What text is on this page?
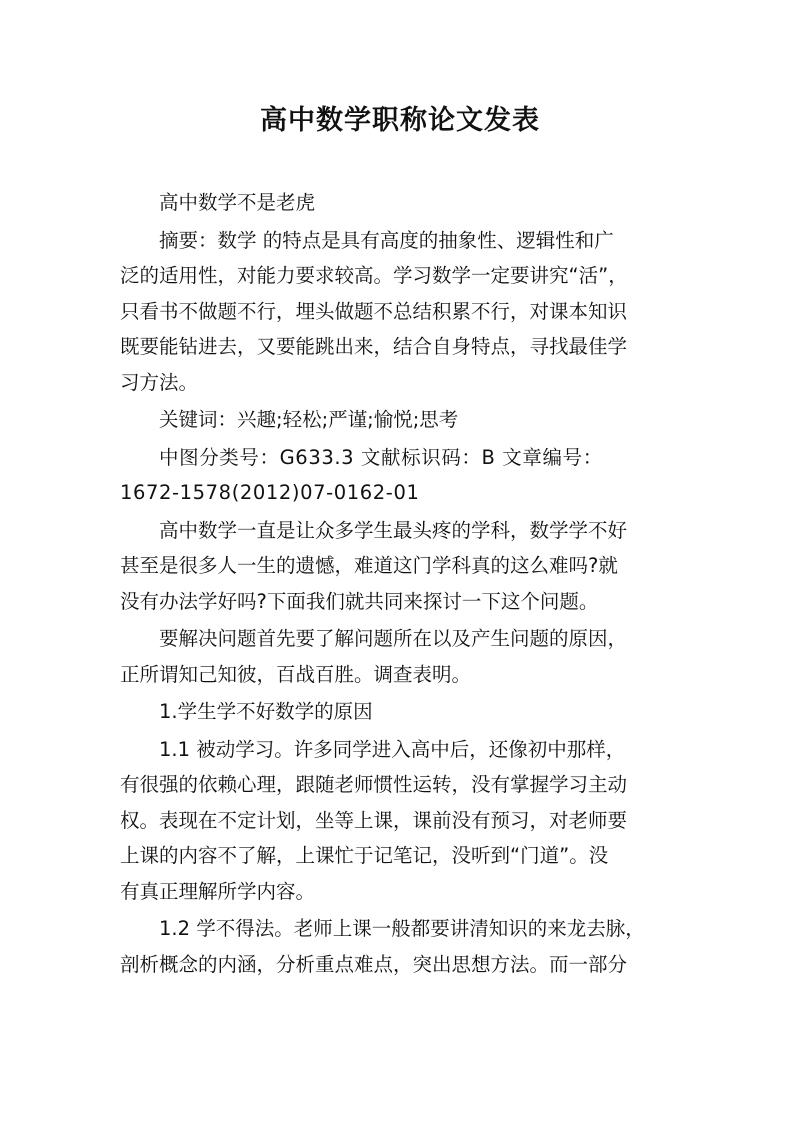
高中数学职称论文发表

高中数学不是老虎

摘要：数学 的特点是具有高度的抽象性、逻辑性和广
泛的适用性，对能力要求较高。学习数学一定要讲究“活”，
只看书不做题不行，埋头做题不总结积累不行，对课本知识
既要能钻进去，又要能跳出来，结合自身特点，寻找最佳学
习方法。

关键词：兴趣;轻松;严谨;愉悦;思考

中图分类号：G633.3 文献标识码：B 文章编号：
1672-1578(2012)07-0162-01

高中数学一直是让众多学生最头疼的学科，数学学不好
甚至是很多人一生的遗憾，难道这门学科真的这么难吗?就
没有办法学好吗?下面我们就共同来探讨一下这个问题。

要解决问题首先要了解问题所在以及产生问题的原因，
正所谓知己知彼，百战百胜。调查表明。

1.学生学不好数学的原因

1.1 被动学习。许多同学进入高中后，还像初中那样，
有很强的依赖心理，跟随老师惯性运转，没有掌握学习主动
权。表现在不定计划，坐等上课，课前没有预习，对老师要
上课的内容不了解，上课忙于记笔记，没听到“门道”。没
有真正理解所学内容。

1.2 学不得法。老师上课一般都要讲清知识的来龙去脉，
剖析概念的内涵，分析重点难点，突出思想方法。而一部分
